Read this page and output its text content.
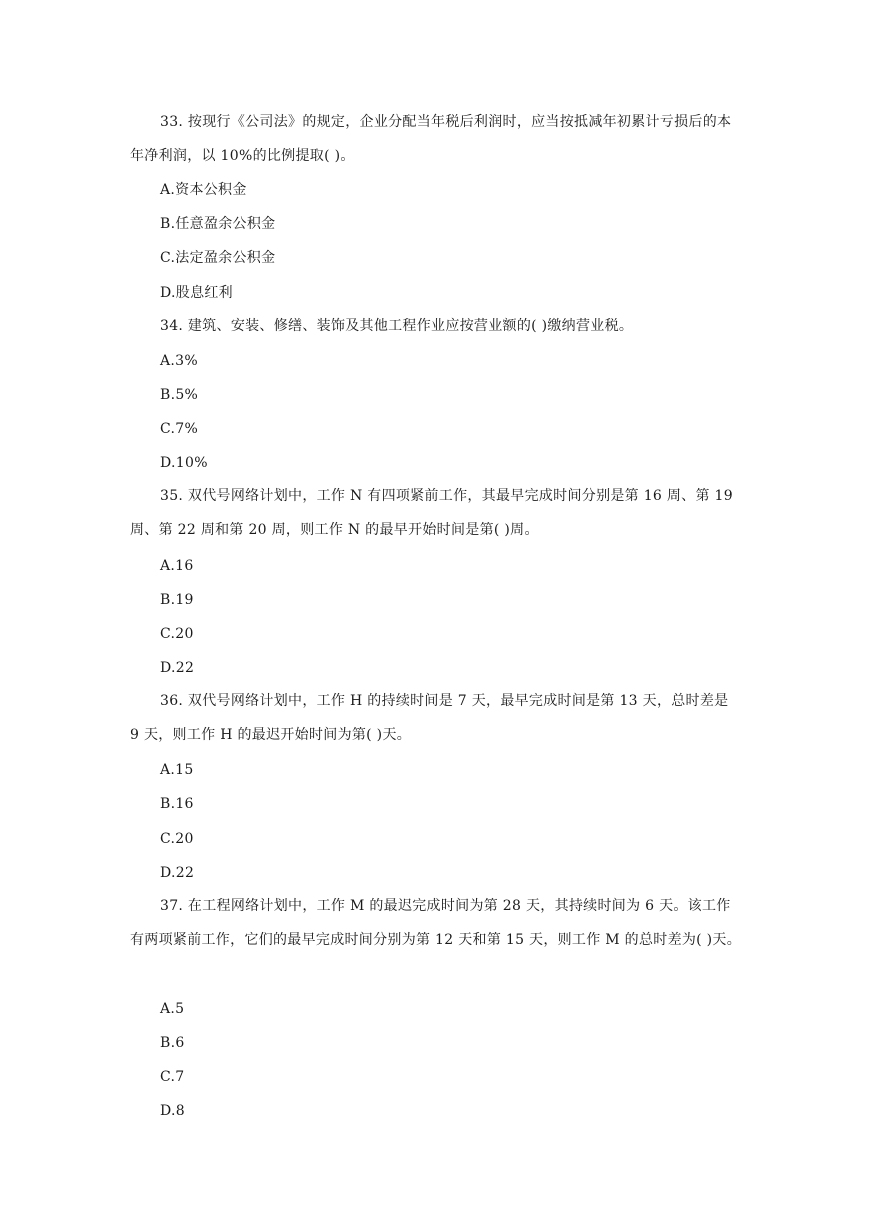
33. 按现行《公司法》的规定，企业分配当年税后利润时，应当按抵减年初累计亏损后的本年净利润，以 10%的比例提取( )。
A.资本公积金
B.任意盈余公积金
C.法定盈余公积金
D.股息红利
34. 建筑、安装、修缮、装饰及其他工程作业应按营业额的( )缴纳营业税。
A.3%
B.5%
C.7%
D.10%
35. 双代号网络计划中，工作 N 有四项紧前工作，其最早完成时间分别是第 16 周、第 19 周、第 22 周和第 20 周，则工作 N 的最早开始时间是第( )周。
A.16
B.19
C.20
D.22
36. 双代号网络计划中，工作 H 的持续时间是 7 天，最早完成时间是第 13 天，总时差是 9 天，则工作 H 的最迟开始时间为第( )天。
A.15
B.16
C.20
D.22
37. 在工程网络计划中，工作 M 的最迟完成时间为第 28 天，其持续时间为 6 天。该工作有两项紧前工作，它们的最早完成时间分别为第 12 天和第 15 天，则工作 M 的总时差为( )天。
A.5
B.6
C.7
D.8
